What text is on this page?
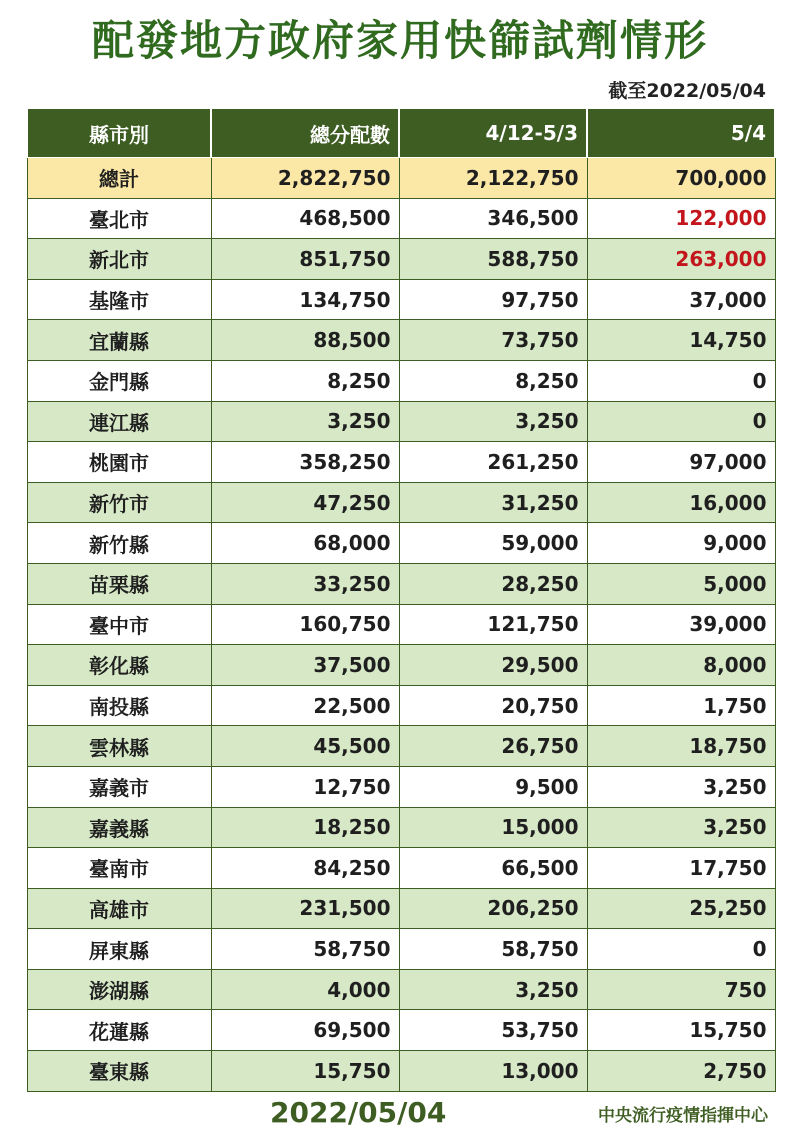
配發地方政府家用快篩試劑情形
截至2022/05/04
縣市別	總分配數	4/12-5/3	5/4
總計	2,822,750	2,122,750	700,000
臺北市	468,500	346,500	122,000
新北市	851,750	588,750	263,000
基隆市	134,750	97,750	37,000
宜蘭縣	88,500	73,750	14,750
金門縣	8,250	8,250	0
連江縣	3,250	3,250	0
桃園市	358,250	261,250	97,000
新竹市	47,250	31,250	16,000
新竹縣	68,000	59,000	9,000
苗栗縣	33,250	28,250	5,000
臺中市	160,750	121,750	39,000
彰化縣	37,500	29,500	8,000
南投縣	22,500	20,750	1,750
雲林縣	45,500	26,750	18,750
嘉義市	12,750	9,500	3,250
嘉義縣	18,250	15,000	3,250
臺南市	84,250	66,500	17,750
高雄市	231,500	206,250	25,250
屏東縣	58,750	58,750	0
澎湖縣	4,000	3,250	750
花蓮縣	69,500	53,750	15,750
臺東縣	15,750	13,000	2,750
2022/05/04	中央流行疫情指揮中心
